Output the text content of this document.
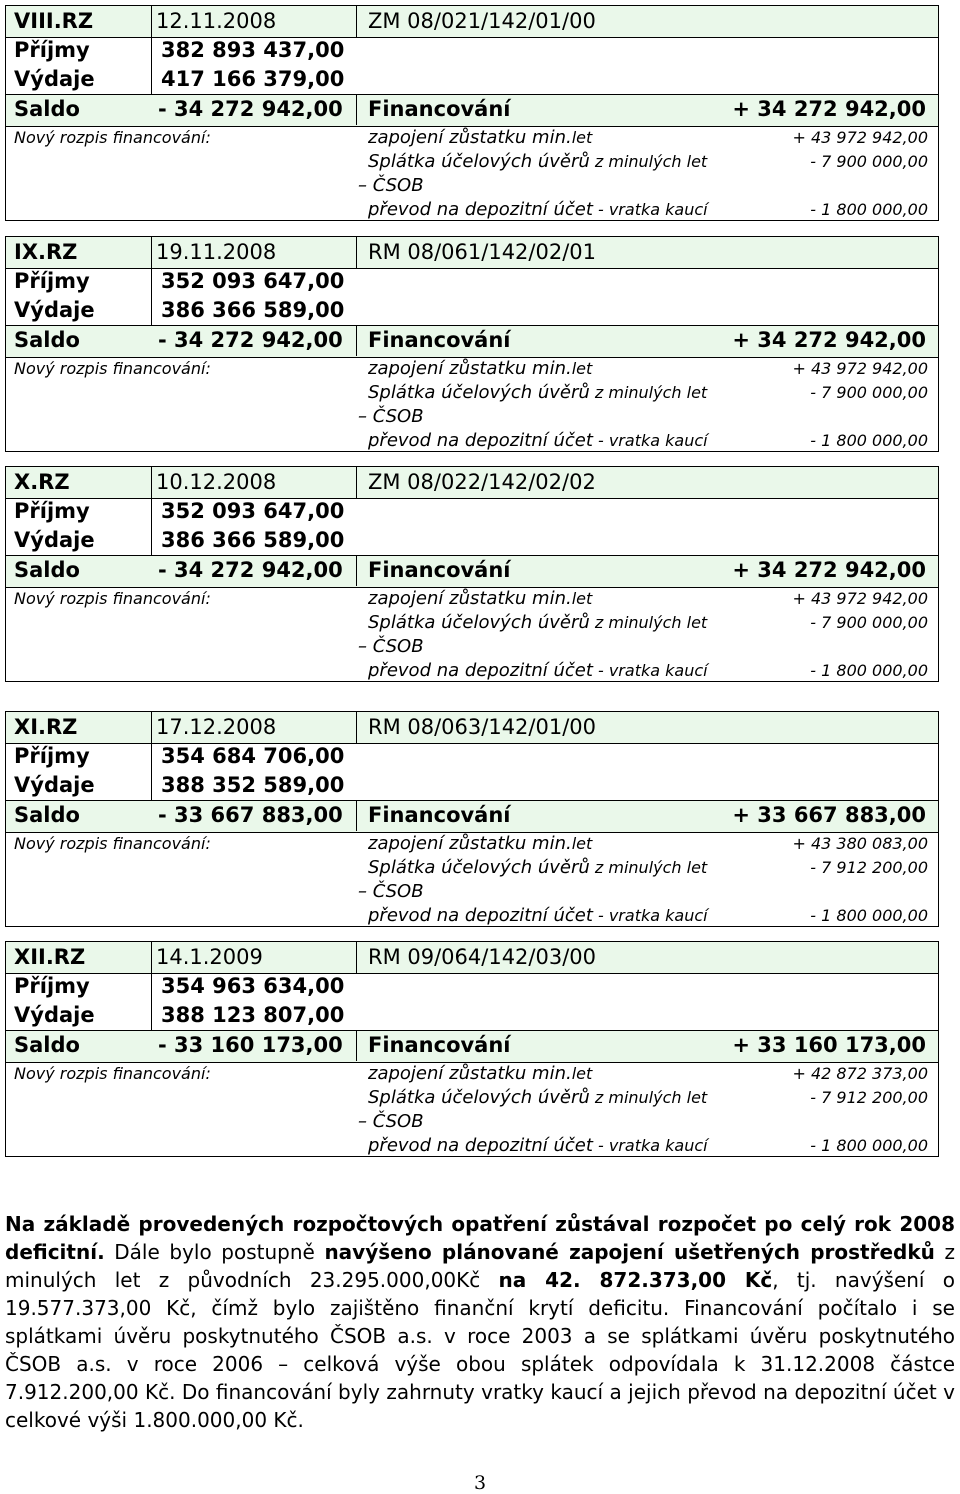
VIII.RZ	12.11.2008	ZM 08/021/142/01/00
Příjmy	382 893 437,00
Výdaje	417 166 379,00
Saldo	- 34 272 942,00 Financování	+ 34 272 942,00
Nový rozpis financování:	zapojení zůstatku min.let	+ 43 972 942,00
Splátka účelových úvěrů z minulých let	- 7 900 000,00
– ČSOB
převod na depozitní účet - vratka kaucí	- 1 800 000,00
IX.RZ	19.11.2008	RM 08/061/142/02/01
Příjmy	352 093 647,00
Výdaje	386 366 589,00
Saldo	- 34 272 942,00 Financování	+ 34 272 942,00
Nový rozpis financování:	zapojení zůstatku min.let	+ 43 972 942,00
Splátka účelových úvěrů z minulých let	- 7 900 000,00
– ČSOB
převod na depozitní účet - vratka kaucí	- 1 800 000,00
X.RZ	10.12.2008	ZM 08/022/142/02/02
Příjmy	352 093 647,00
Výdaje	386 366 589,00
Saldo	- 34 272 942,00 Financování	+ 34 272 942,00
Nový rozpis financování:	zapojení zůstatku min.let	+ 43 972 942,00
Splátka účelových úvěrů z minulých let	- 7 900 000,00
– ČSOB
převod na depozitní účet - vratka kaucí	- 1 800 000,00
XI.RZ	17.12.2008	RM 08/063/142/01/00
Příjmy	354 684 706,00
Výdaje	388 352 589,00
Saldo	- 33 667 883,00 Financování	+ 33 667 883,00
Nový rozpis financování:	zapojení zůstatku min.let	+ 43 380 083,00
Splátka účelových úvěrů z minulých let	- 7 912 200,00
– ČSOB
převod na depozitní účet - vratka kaucí	- 1 800 000,00
XII.RZ	14.1.2009	RM 09/064/142/03/00
Příjmy	354 963 634,00
Výdaje	388 123 807,00
Saldo	- 33 160 173,00 Financování	+ 33 160 173,00
Nový rozpis financování:	zapojení zůstatku min.let	+ 42 872 373,00
Splátka účelových úvěrů z minulých let	- 7 912 200,00
– ČSOB
převod na depozitní účet - vratka kaucí	- 1 800 000,00

Na základě provedených rozpočtových opatření zůstával rozpočet po celý rok 2008 deficitní. Dále bylo postupně navýšeno plánované zapojení ušetřených prostředků z minulých let z původních 23.295.000,00Kč na 42. 872.373,00 Kč, tj. navýšení o 19.577.373,00 Kč, čímž bylo zajištěno finanční krytí deficitu. Financování počítalo i se splátkami úvěru poskytnutého ČSOB a.s. v roce 2003 a se splátkami úvěru poskytnutého ČSOB a.s. v roce 2006 – celková výše obou splátek odpovídala k 31.12.2008 částce 7.912.200,00 Kč. Do financování byly zahrnuty vratky kaucí a jejich převod na depozitní účet v celkové výši 1.800.000,00 Kč.

3
